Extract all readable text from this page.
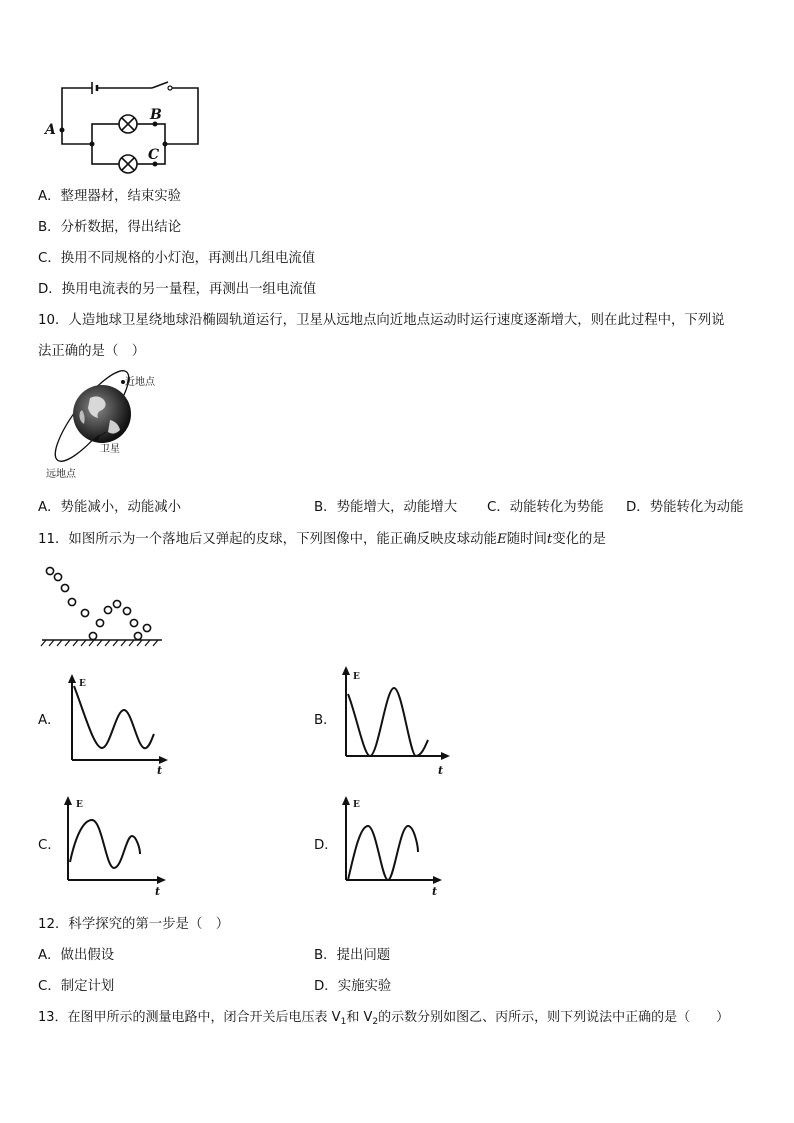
A
B
C
A．整理器材，结束实验
B．分析数据，得出结论
C．换用不同规格的小灯泡，再测出几组电流值
D．换用电流表的另一量程，再测出一组电流值
10．人造地球卫星绕地球沿椭圆轨道运行，卫星从远地点向近地点运动时运行速度逐渐增大，则在此过程中，下列说
法正确的是（　）
近地点
卫星
远地点
A．势能减小，动能减小	B．势能增大，动能增大 C．动能转化为势能 D．势能转化为动能
11．如图所示为一个落地后又弹起的皮球，下列图像中，能正确反映皮球动能E随时间t变化的是
A．
E
t
B．
E
t
C．
E
t
D．
E
t
12．科学探究的第一步是（　）
A．做出假设	B．提出问题
C．制定计划	D．实施实验
13．在图甲所示的测量电路中，闭合开关后电压表 $V_1$和 $V_2$的示数分别如图乙、丙所示，则下列说法中正确的是（　　）
